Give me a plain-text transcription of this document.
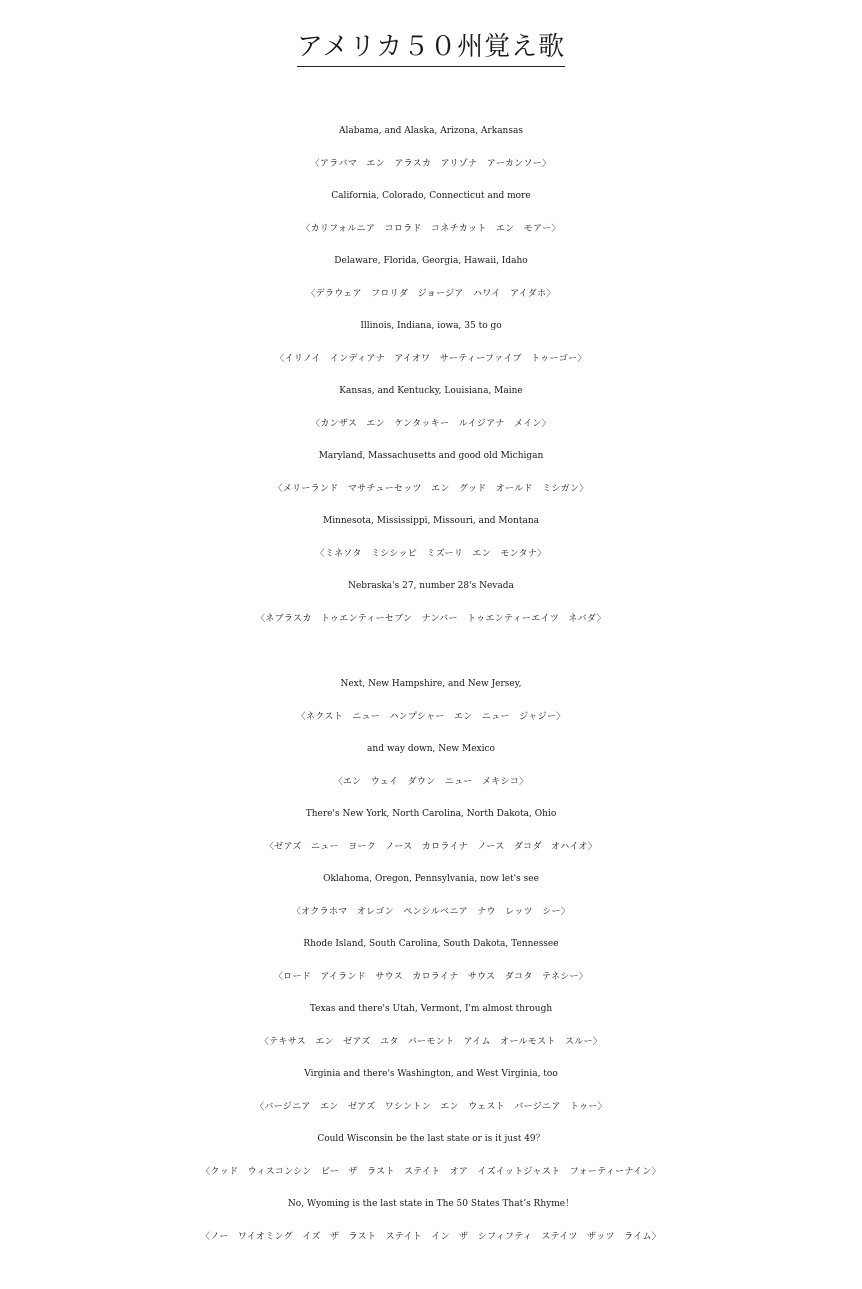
アメリカ５０州覚え歌
Alabama, and Alaska, Arizona, Arkansas
〈アラバマ　エン　アラスカ　アリゾナ　アーカンソー〉
California, Colorado, Connecticut and more
〈カリフォルニア　コロラド　コネチカット　エン　モアー〉
Delaware, Florida, Georgia, Hawaii, Idaho
〈デラウェア　フロリダ　ジョージア　ハワイ　アイダホ〉
Illinois, Indiana, iowa, 35 to go
〈イリノイ　インディアナ　アイオワ　サーティーファイブ　トゥーゴー〉
Kansas, and Kentucky, Louisiana, Maine
〈カンザス　エン　ケンタッキー　ルイジアナ　メイン〉
Maryland, Massachusetts and good old Michigan
〈メリーランド　マサチューセッツ　エン　グッド　オールド　ミシガン〉
Minnesota, Mississippi, Missouri, and Montana
〈ミネソタ　ミシシッピ　ミズーリ　エン　モンタナ〉
Nebraska's 27, number 28's Nevada
〈ネブラスカ　トゥエンティーセブン　ナンバー　トゥエンティーエイツ　ネバダ〉
Next, New Hampshire, and New Jersey,
〈ネクスト　ニュー　ハンプシャー　エン　ニュー　ジャジー〉
and way down, New Mexico
〈エン　ウェイ　ダウン　ニュー　メキシコ〉
There's New York, North Carolina, North Dakota, Ohio
〈ゼアズ　ニュー　ヨーク　ノース　カロライナ　ノース　ダコダ　オハイオ〉
Oklahoma, Oregon, Pennsylvania, now let's see
〈オクラホマ　オレゴン　ペンシルベニア　ナウ　レッツ　シー〉
Rhode Island, South Carolina, South Dakota, Tennessee
〈ロード　アイランド　サウス　カロライナ　サウス　ダコタ　テネシー〉
Texas and there's Utah, Vermont, I'm almost through
〈テキサス　エン　ゼアズ　ユタ　バーモント　アイム　オールモスト　スルー〉
Virginia and there's Washington, and West Virginia, too
〈バージニア　エン　ゼアズ　ワシントン　エン　ウェスト　バージニア　トゥー〉
Could Wisconsin be the last state or is it just 49？
〈クッド　ウィスコンシン　ビー　ザ　ラスト　ステイト　オア　イズイットジャスト　フォーティーナイン〉
No, Wyoming is the last state in The 50 States That’s Rhyme！
〈ノー　ワイオミング　イズ　ザ　ラスト　ステイト　イン　ザ　シフィフティ　ステイツ　ザッツ　ライム〉
